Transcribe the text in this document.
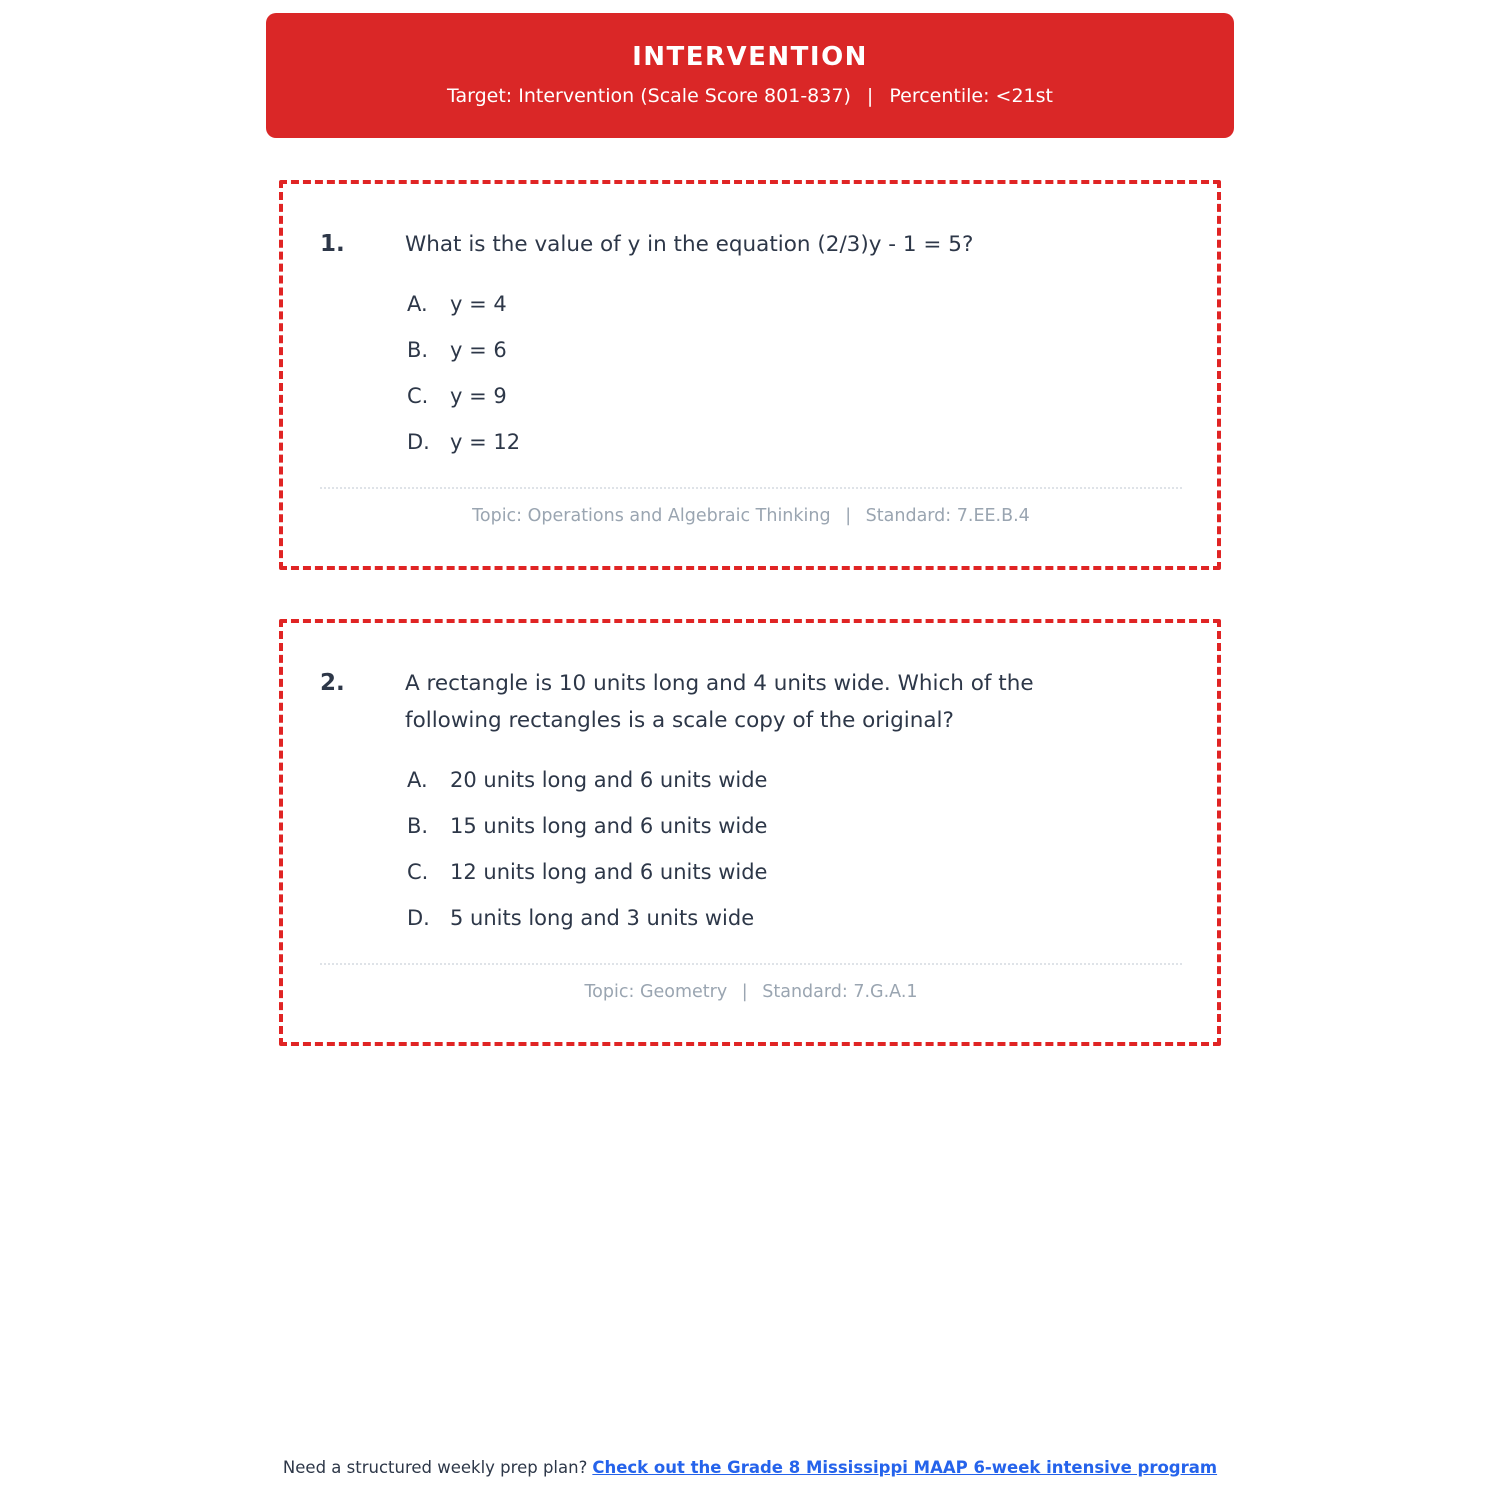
INTERVENTION
Target: Intervention (Scale Score 801-837) | Percentile: <21st
1.	What is the value of y in the equation (2/3)y - 1 = 5?
A.	y = 4
B.	y = 6
C.	y = 9
D. y = 12
Topic: Operations and Algebraic Thinking | Standard: 7.EE.B.4
2.	A rectangle is 10 units long and 4 units wide. Which of the following rectangles is a scale copy of the original?
A.	20 units long and 6 units wide
B.	15 units long and 6 units wide
C.	12 units long and 6 units wide
D. 5 units long and 3 units wide
Topic: Geometry | Standard: 7.G.A.1
Need a structured weekly prep plan? Check out the Grade 8 Mississippi MAAP 6-week intensive program
